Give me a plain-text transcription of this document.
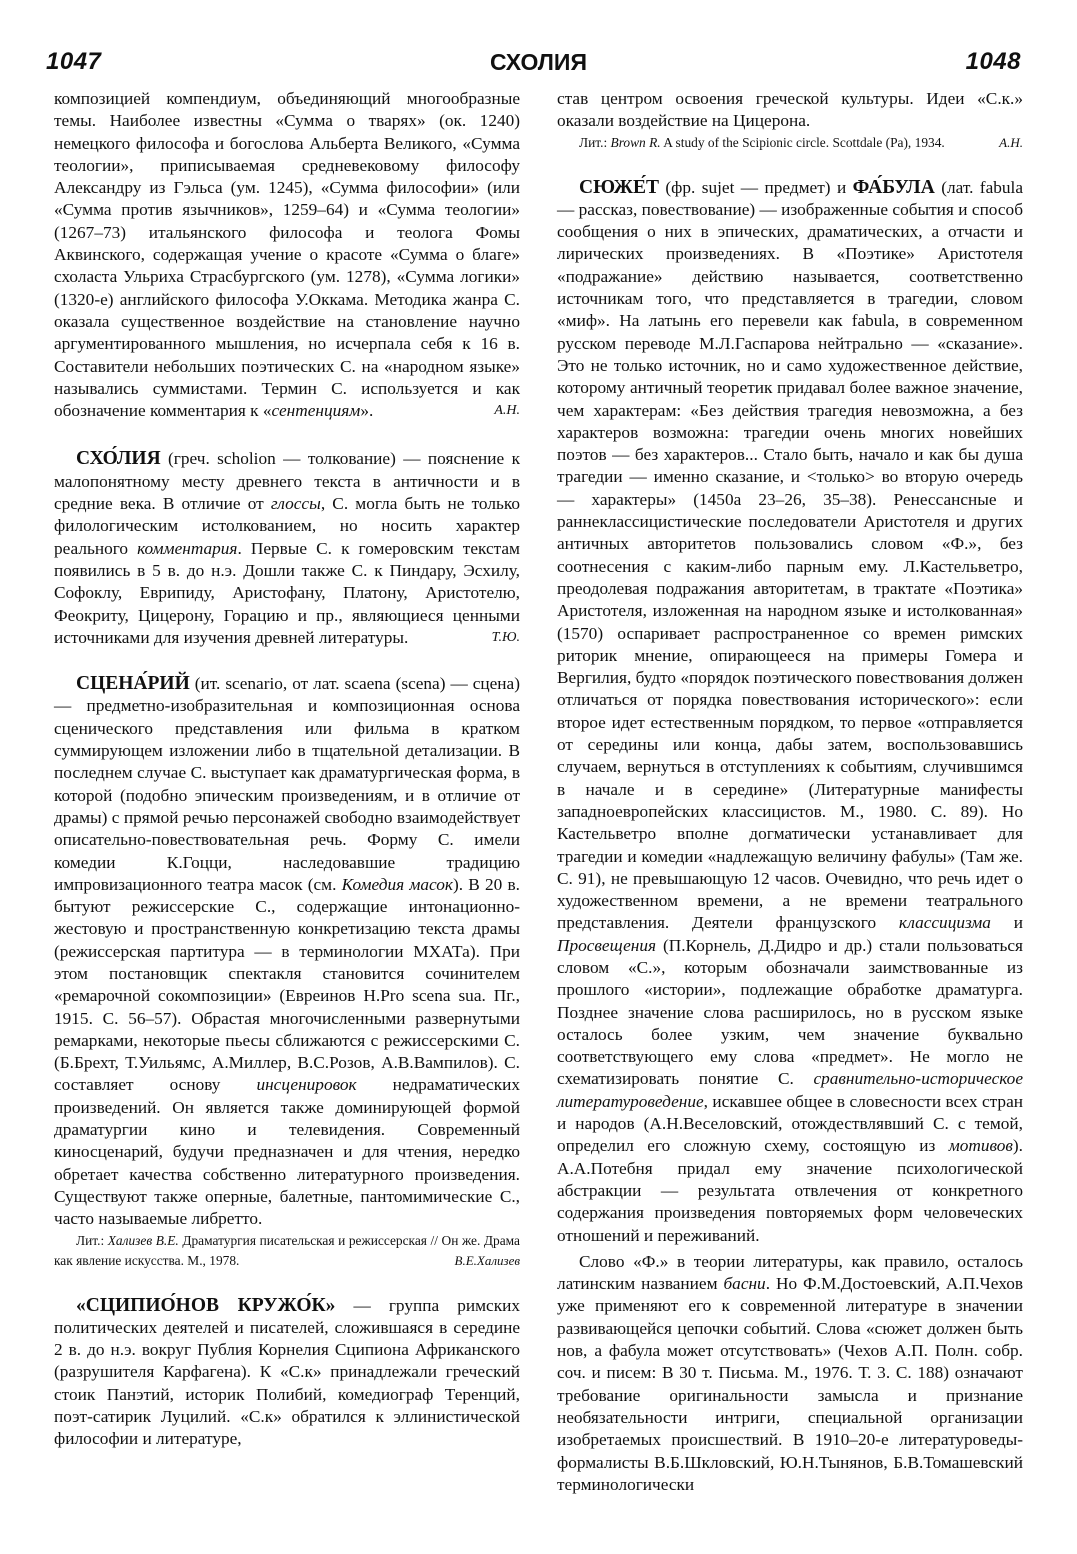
1047	СХОЛИЯ	1048

композицией компендиум, объединяющий многообразные темы. Наиболее известны «Сумма о тварях» (ок. 1240) немецкого философа и богослова Альберта Великого, «Сумма теологии», приписываемая средневековому философу Александру из Гэльса (ум. 1245), «Сумма философии» (или «Сумма против язычников», 1259–64) и «Сумма теологии» (1267–73) итальянского философа и теолога Фомы Аквинского, содержащая учение о красоте «Сумма о благе» схоласта Ульриха Страсбургского (ум. 1278), «Сумма логики» (1320-е) английского философа У.Оккама. Методика жанра С. оказала существенное воздействие на становление научно аргументированного мышления, но исчерпала себя к 16 в. Составители небольших поэтических С. на «народном языке» назывались суммистами. Термин С. используется и как обозначение комментария к «сентенциям».	А.Н.

СХО́ЛИЯ (греч. scholion — толкование) — пояснение к малопонятному месту древнего текста в античности и в средние века. В отличие от глоссы, С. могла быть не только филологическим истолкованием, но носить характер реального комментария. Первые С. к гомеровским текстам появились в 5 в. до н.э. Дошли также С. к Пиндару, Эсхилу, Софоклу, Еврипиду, Аристофану, Платону, Аристотелю, Феокриту, Цицерону, Горацию и пр., являющиеся ценными источниками для изучения древней литературы.	Т.Ю.

СЦЕНА́РИЙ (ит. scenario, от лат. scaena (scena) — сцена) — предметно-изобразительная и композиционная основа сценического представления или фильма в кратком суммирующем изложении либо в тщательной детализации. В последнем случае С. выступает как драматургическая форма, в которой (подобно эпическим произведениям, и в отличие от драмы) с прямой речью персонажей свободно взаимодействует описательно-повествовательная речь. Форму С. имели комедии К.Гоцци, наследовавшие традицию импровизационного театра масок (см. Комедия масок). В 20 в. бытуют режиссерские С., содержащие интонационно-жестовую и пространственную конкретизацию текста драмы (режиссерская партитура — в терминологии МХАТа). При этом постановщик спектакля становится сочинителем «ремарочной сокомпозиции» (Евреинов Н.Pro scena sua. Пг., 1915. С. 56–57). Обрастая многочисленными развернутыми ремарками, некоторые пьесы сближаются с режиссерскими С. (Б.Брехт, Т.Уильямс, А.Миллер, В.С.Розов, А.В.Вампилов). С. составляет основу инсценировок недраматических произведений. Он является также доминирующей формой драматургии кино и телевидения. Современный киносценарий, будучи предназначен и для чтения, нередко обретает качества собственно литературного произведения. Существуют также оперные, балетные, пантомимические С., часто называемые либретто.

Лит.: Хализев В.Е. Драматургия писательская и режиссерская // Он же. Драма как явление искусства. М., 1978.	В.Е.Хализев

«СЦИПИО́НОВ КРУЖО́К» — группа римских политических деятелей и писателей, сложившаяся в середине 2 в. до н.э. вокруг Публия Корнелия Сципиона Африканского (разрушителя Карфагена). К «С.к» принадлежали греческий стоик Панэтий, историк Полибий, комедиограф Теренций, поэт-сатирик Луцилий. «С.к» обратился к эллинистической философии и литературе,

став центром освоения греческой культуры. Идеи «С.к.» оказали воздействие на Цицерона.

Лит.: Brown R. A study of the Scipionic circle. Scottdale (Pa), 1934.	А.Н.

СЮЖЕ́Т (фр. sujet — предмет) и ФА́БУЛА (лат. fabula — рассказ, повествование) — изображенные события и способ сообщения о них в эпических, драматических, а отчасти и лирических произведениях. В «Поэтике» Аристотеля «подражание» действию называется, соответственно источникам того, что представляется в трагедии, словом «миф». На латынь его перевели как fabula, в современном русском переводе М.Л.Гаспарова нейтрально — «сказание». Это не только источник, но и само художественное действие, которому античный теоретик придавал более важное значение, чем характерам: «Без действия трагедия невозможна, а без характеров возможна: трагедии очень многих новейших поэтов — без характеров... Стало быть, начало и как бы душа трагедии — именно сказание, и <только> во вторую очередь — характеры» (1450а 23–26, 35–38). Ренессансные и раннеклассицистические последователи Аристотеля и других античных авторитетов пользовались словом «Ф.», без соотнесения с каким-либо парным ему. Л.Кастельветро, преодолевая подражания авторитетам, в трактате «Поэтика» Аристотеля, изложенная на народном языке и истолкованная» (1570) оспаривает распространенное со времен римских риторик мнение, опирающееся на примеры Гомера и Вергилия, будто «порядок поэтического повествования должен отличаться от порядка повествования исторического»: если второе идет естественным порядком, то первое «отправляется от середины или конца, дабы затем, воспользовавшись случаем, вернуться в отступлениях к событиям, случившимся в начале и в середине» (Литературные манифесты западноевропейских классицистов. М., 1980. С. 89). Но Кастельветро вполне догматически устанавливает для трагедии и комедии «надлежащую величину фабулы» (Там же. С. 91), не превышающую 12 часов. Очевидно, что речь идет о художественном времени, а не времени театрального представления. Деятели французского классицизма и Просвещения (П.Корнель, Д.Дидро и др.) стали пользоваться словом «С.», которым обозначали заимствованные из прошлого «истории», подлежащие обработке драматурга. Позднее значение слова расширилось, но в русском языке осталось более узким, чем значение буквально соответствующего ему слова «предмет». Не могло не схематизировать понятие С. сравнительно-историческое литературоведение, искавшее общее в словесности всех стран и народов (А.Н.Веселовский, отождествлявший С. с темой, определил его сложную схему, состоящую из мотивов). А.А.Потебня придал ему значение психологической абстракции — результата отвлечения от конкретного содержания произведения повторяемых форм человеческих отношений и переживаний.

Слово «Ф.» в теории литературы, как правило, осталось латинским названием басни. Но Ф.М.Достоевский, А.П.Чехов уже применяют его к современной литературе в значении развивающейся цепочки событий. Слова «сюжет должен быть нов, а фабула может отсутствовать» (Чехов А.П. Полн. собр. соч. и писем: В 30 т. Письма. М., 1976. Т. 3. С. 188) означают требование оригинальности замысла и признание необязательности интриги, специальной организации изобретаемых происшествий. В 1910–20-е литературоведы-формалисты В.Б.Шкловский, Ю.Н.Тынянов, Б.В.Томашевский терминологически
